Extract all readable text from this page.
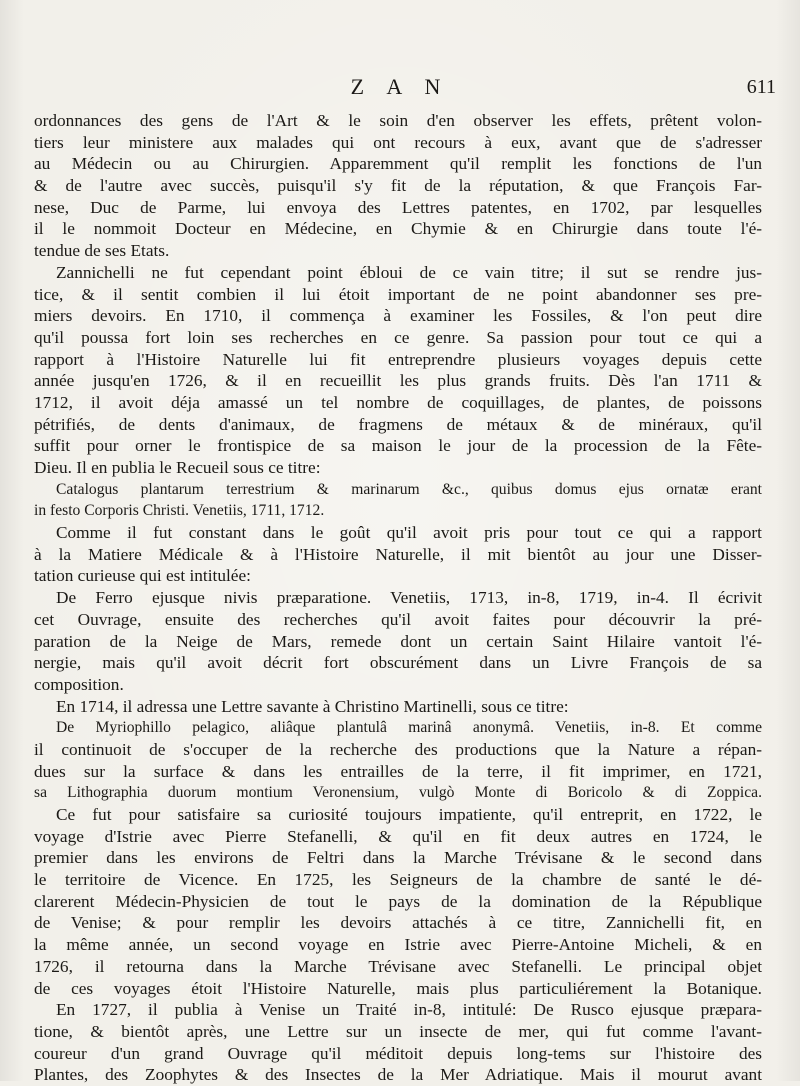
Z A N	611
ordonnances des gens de l'Art & le soin d'en observer les effets, prêtent volon-
tiers leur ministere aux malades qui ont recours à eux, avant que de s'adresser
au Médecin ou au Chirurgien. Apparemment qu'il remplit les fonctions de l'un
& de l'autre avec succès, puisqu'il s'y fit de la réputation, & que François Far-
nese, Duc de Parme, lui envoya des Lettres patentes, en 1702, par lesquelles
il le nommoit Docteur en Médecine, en Chymie & en Chirurgie dans toute l'é-
tendue de ses Etats.
Zannichelli ne fut cependant point ébloui de ce vain titre; il sut se rendre jus-
tice, & il sentit combien il lui étoit important de ne point abandonner ses pre-
miers devoirs. En 1710, il commença à examiner les Fossiles, & l'on peut dire
qu'il poussa fort loin ses recherches en ce genre. Sa passion pour tout ce qui a
rapport à l'Histoire Naturelle lui fit entreprendre plusieurs voyages depuis cette
année jusqu'en 1726, & il en recueillit les plus grands fruits. Dès l'an 1711 &
1712, il avoit déja amassé un tel nombre de coquillages, de plantes, de poissons
pétrifiés, de dents d'animaux, de fragmens de métaux & de minéraux, qu'il
suffit pour orner le frontispice de sa maison le jour de la procession de la Fête-
Dieu. Il en publia le Recueil sous ce titre:
Catalogus plantarum terrestrium & marinarum &c., quibus domus ejus ornatæ erant
in festo Corporis Christi. Venetiis, 1711, 1712.
Comme il fut constant dans le goût qu'il avoit pris pour tout ce qui a rapport
à la Matiere Médicale & à l'Histoire Naturelle, il mit bientôt au jour une Disser-
tation curieuse qui est intitulée:
De Ferro ejusque nivis præparatione. Venetiis, 1713, in-8, 1719, in-4. Il écrivit
cet Ouvrage, ensuite des recherches qu'il avoit faites pour découvrir la pré-
paration de la Neige de Mars, remede dont un certain Saint Hilaire vantoit l'é-
nergie, mais qu'il avoit décrit fort obscurément dans un Livre François de sa
composition.
En 1714, il adressa une Lettre savante à Christino Martinelli, sous ce titre:
De Myriophillo pelagico, aliâque plantulâ marinâ anonymâ. Venetiis, in-8. Et comme
il continuoit de s'occuper de la recherche des productions que la Nature a répan-
dues sur la surface & dans les entrailles de la terre, il fit imprimer, en 1721,
sa Lithographia duorum montium Veronensium, vulgò Monte di Boricolo & di Zoppica.
Ce fut pour satisfaire sa curiosité toujours impatiente, qu'il entreprit, en 1722, le
voyage d'Istrie avec Pierre Stefanelli, & qu'il en fit deux autres en 1724, le
premier dans les environs de Feltri dans la Marche Trévisane & le second dans
le territoire de Vicence. En 1725, les Seigneurs de la chambre de santé le dé-
clarerent Médecin-Physicien de tout le pays de la domination de la République
de Venise; & pour remplir les devoirs attachés à ce titre, Zannichelli fit, en
la même année, un second voyage en Istrie avec Pierre-Antoine Micheli, & en
1726, il retourna dans la Marche Trévisane avec Stefanelli. Le principal objet
de ces voyages étoit l'Histoire Naturelle, mais plus particuliérement la Botanique.
En 1727, il publia à Venise un Traité in-8, intitulé: De Rusco ejusque præpara-
tione, & bientôt après, une Lettre sur un insecte de mer, qui fut comme l'avant-
coureur d'un grand Ouvrage qu'il méditoit depuis long-tems sur l'histoire des
Plantes, des Zoophytes & des Insectes de la Mer Adriatique. Mais il mourut avant
